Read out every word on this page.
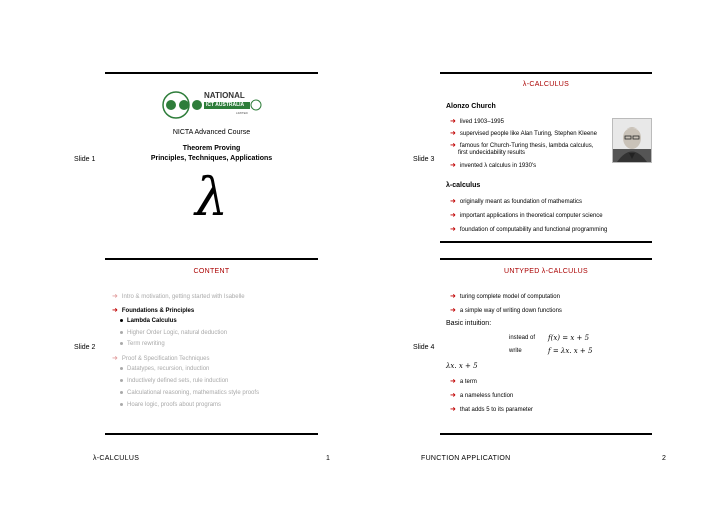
Slide 1
NATIONAL
ICT AUSTRALIA
LIMITED
NICTA Advanced Course
Theorem Proving
Principles, Techniques, Applications
λ
Slide 3
λ-CALCULUS
Alonzo Church
➜ lived 1903–1995
➜ supervised people like Alan Turing, Stephen Kleene
➜ famous for Church-Turing thesis, lambda calculus,
first undecidability results
➜ invented λ calculus in 1930's
λ-calculus
➜ originally meant as foundation of mathematics
➜ important applications in theoretical computer science
➜ foundation of computability and functional programming
Slide 2
CONTENT
➜ Intro & motivation, getting started with Isabelle
➜ Foundations & Principles
Lambda Calculus
Higher Order Logic, natural deduction
Term rewriting
➜ Proof & Specification Techniques
Datatypes, recursion, induction
Inductively defined sets, rule induction
Calculational reasoning, mathematics style proofs
Hoare logic, proofs about programs
Slide 4
UNTYPED λ-CALCULUS
➜ turing complete model of computation
➜ a simple way of writing down functions
Basic intuition:
instead of f(x) = x + 5
write	f = λx. x + 5
λx. x + 5
➜ a term
➜ a nameless function
➜ that adds 5 to its parameter
λ-CALCULUS	1	FUNCTION APPLICATION	2
